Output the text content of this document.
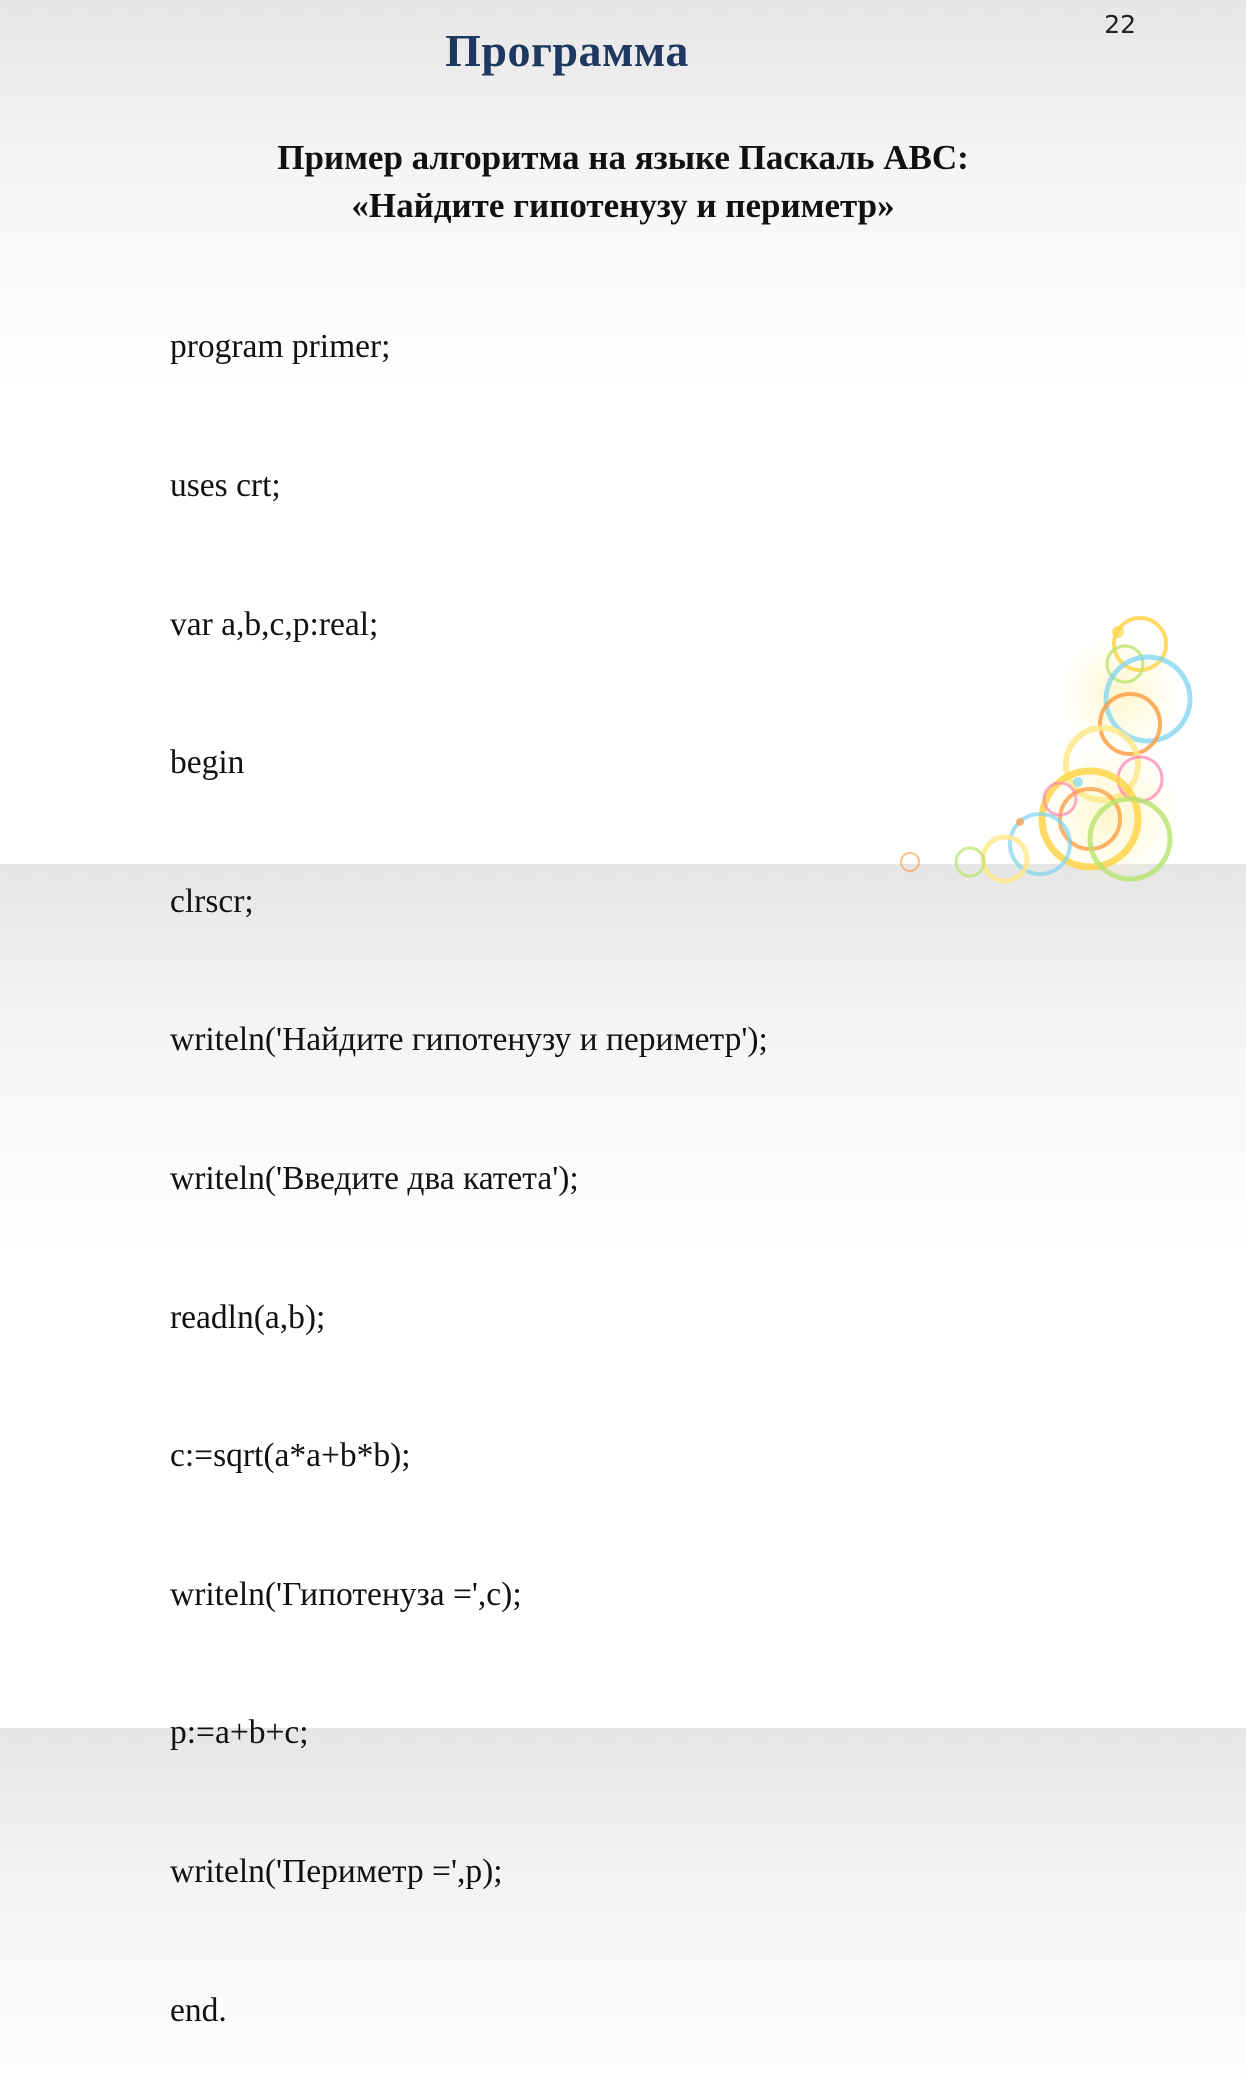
22
Программа
Пример алгоритма на языке Паскаль АВС:
«Найдите гипотенузу и периметр»

program primer;

uses crt;

var a,b,c,p:real;

begin

clrscr;

writeln('Найдите гипотенузу и периметр');

writeln('Введите два катета');

readln(a,b);

c:=sqrt(a*a+b*b);

writeln('Гипотенуза =',c);

p:=a+b+c;

writeln('Периметр =',p);

end.
